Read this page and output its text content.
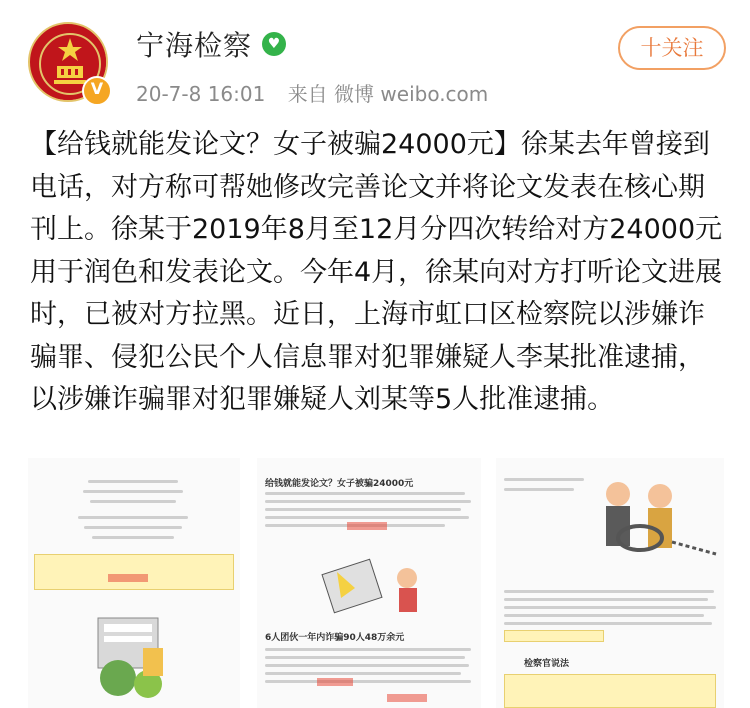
V
宁海检察	♥
20-7-8 16:01 来自 微博 weibo.com
十关注
【给钱就能发论文？女子被骗24000元】徐某去年曾接到电话，对方称可帮她修改完善论文并将论文发表在核心期刊上。徐某于2019年8月至12月分四次转给对方24000元用于润色和发表论文。今年4月，徐某向对方打听论文进展时，已被对方拉黑。近日，上海市虹口区检察院以涉嫌诈骗罪、侵犯公民个人信息罪对犯罪嫌疑人李某批准逮捕，以涉嫌诈骗罪对犯罪嫌疑人刘某等5人批准逮捕。
给钱就能发论文？女子被骗24000元
6人团伙一年内诈骗90人48万余元
检察官说法
